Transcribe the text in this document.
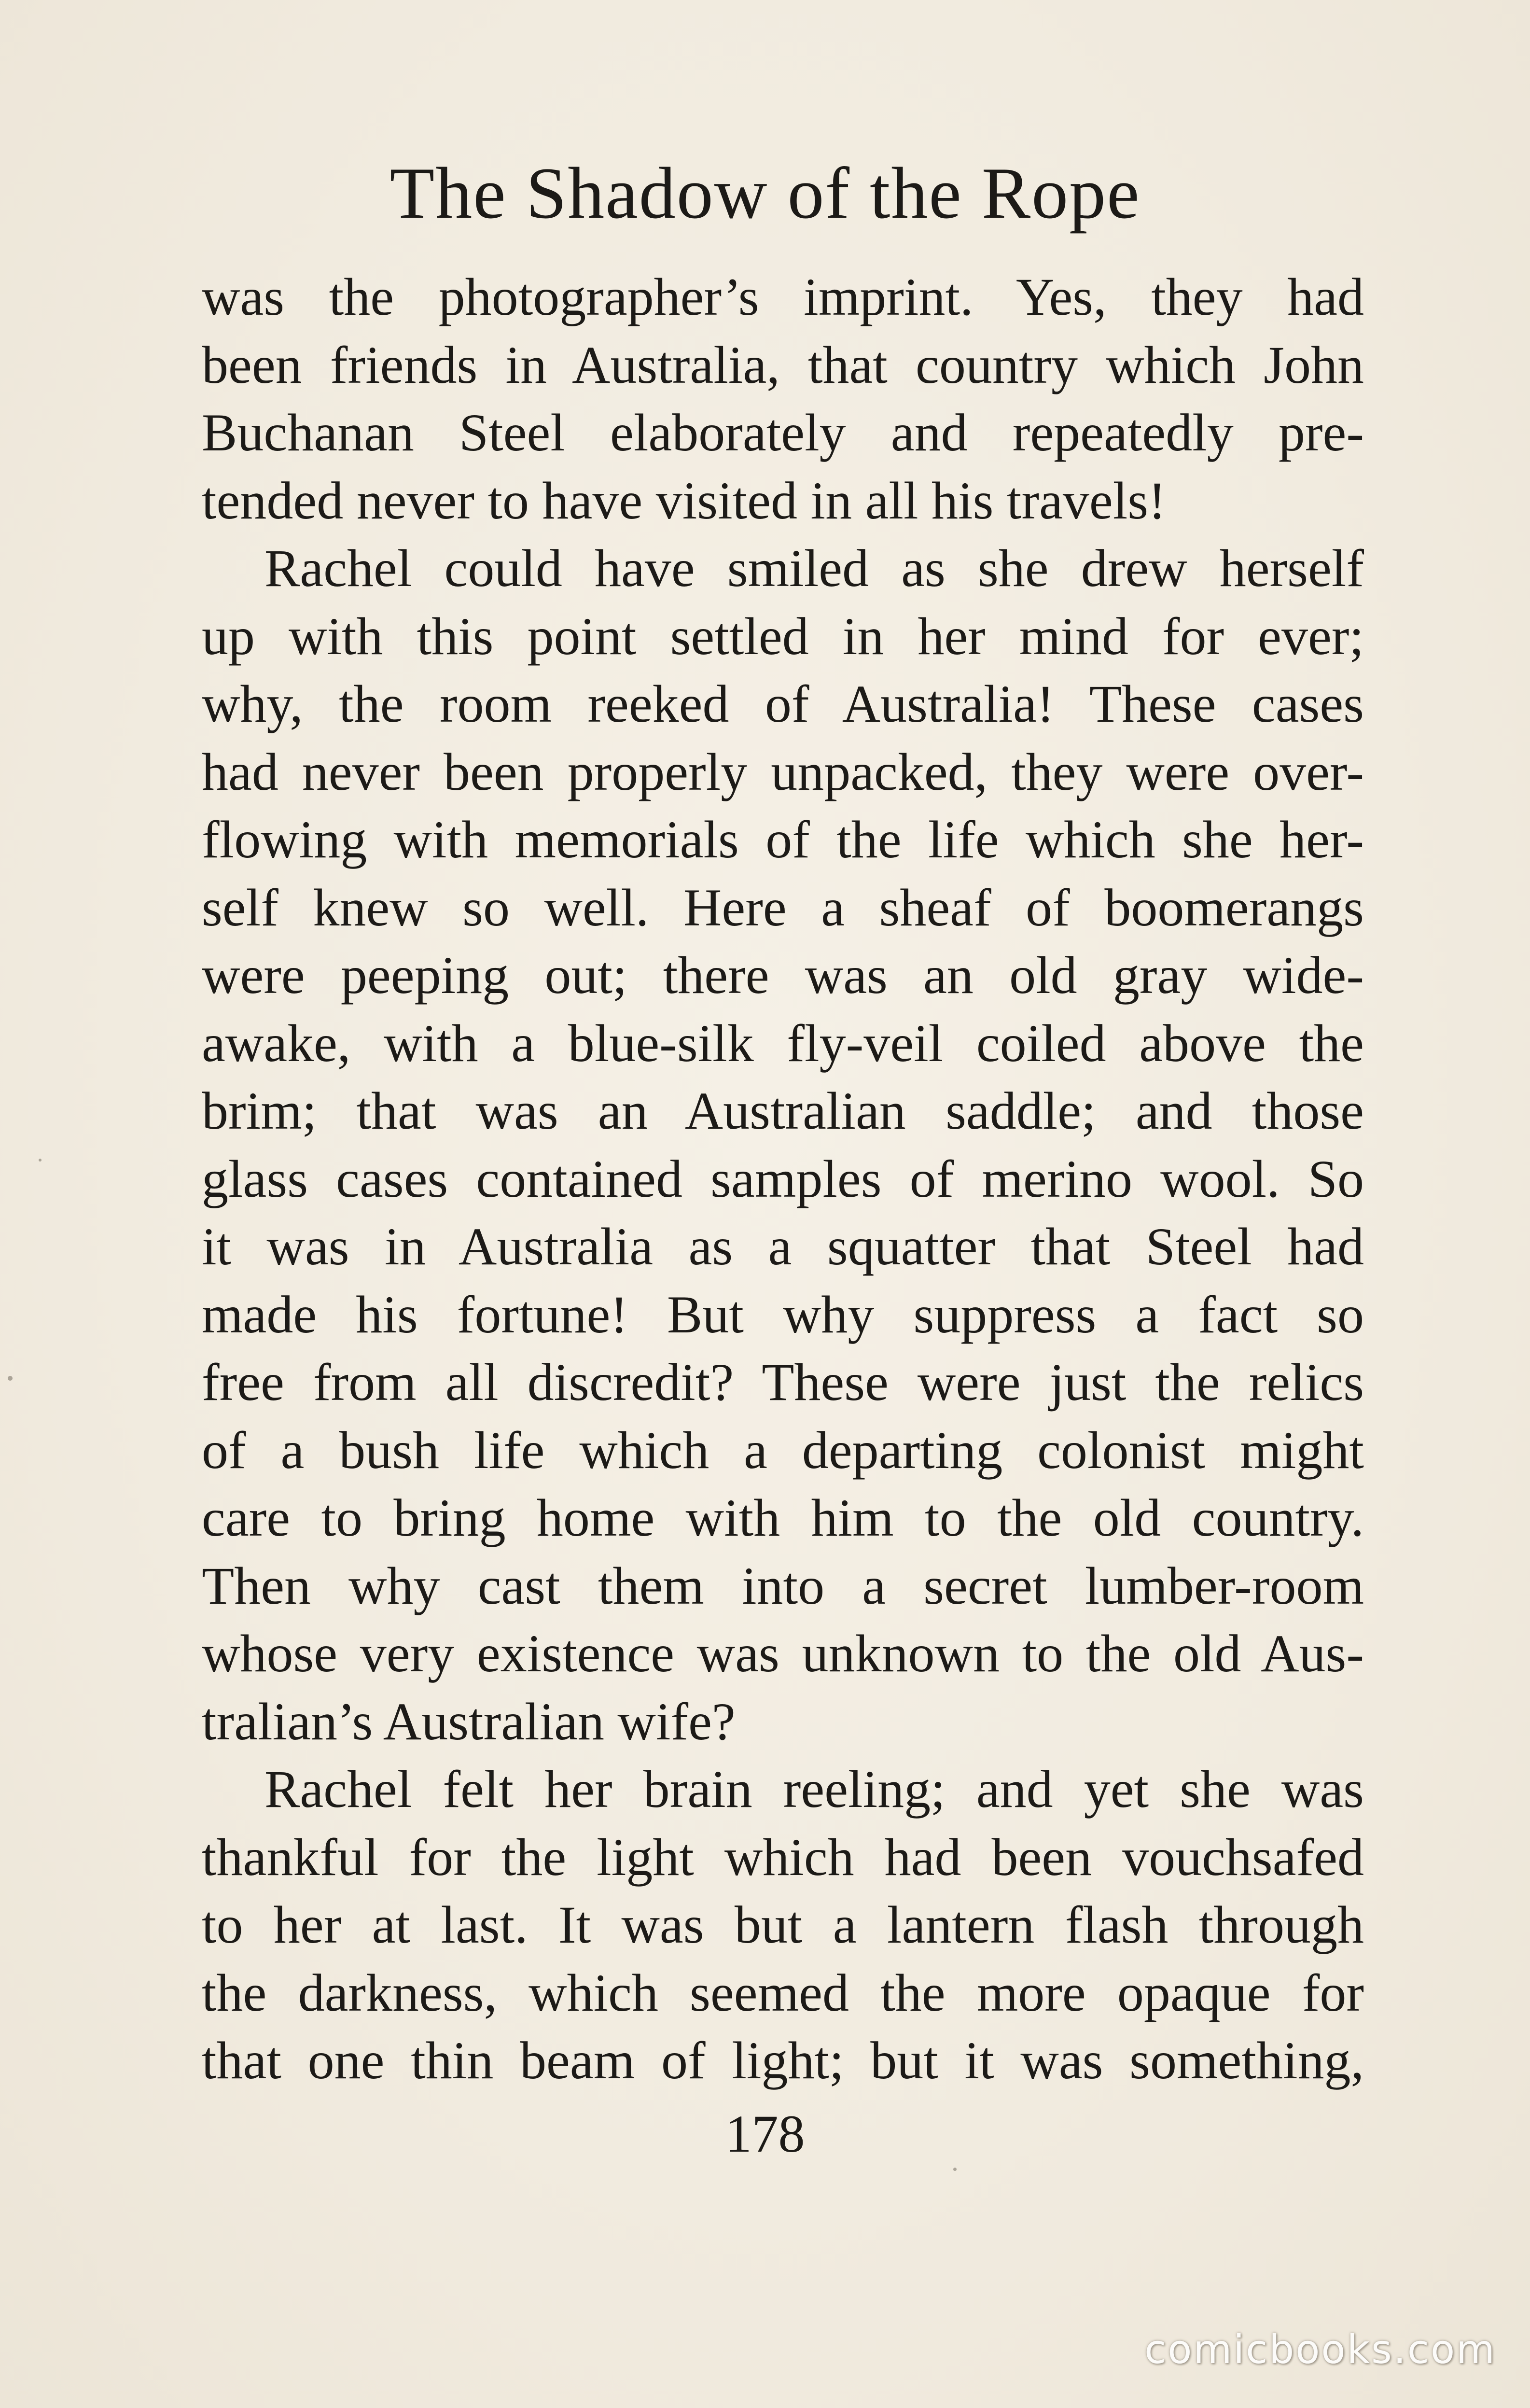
The Shadow of the Rope
was the photographer’s imprint. Yes, they had
been friends in Australia, that country which John
Buchanan Steel elaborately and repeatedly pre-
tended never to have visited in all his travels!
Rachel could have smiled as she drew herself
up with this point settled in her mind for ever;
why, the room reeked of Australia! These cases
had never been properly unpacked, they were over-
flowing with memorials of the life which she her-
self knew so well. Here a sheaf of boomerangs
were peeping out; there was an old gray wide-
awake, with a blue-silk fly-veil coiled above the
brim; that was an Australian saddle; and those
glass cases contained samples of merino wool. So
it was in Australia as a squatter that Steel had
made his fortune! But why suppress a fact so
free from all discredit? These were just the relics
of a bush life which a departing colonist might
care to bring home with him to the old country.
Then why cast them into a secret lumber-room
whose very existence was unknown to the old Aus-
tralian’s Australian wife?
Rachel felt her brain reeling; and yet she was
thankful for the light which had been vouchsafed
to her at last. It was but a lantern flash through
the darkness, which seemed the more opaque for
that one thin beam of light; but it was something,
178
comicbooks.com
